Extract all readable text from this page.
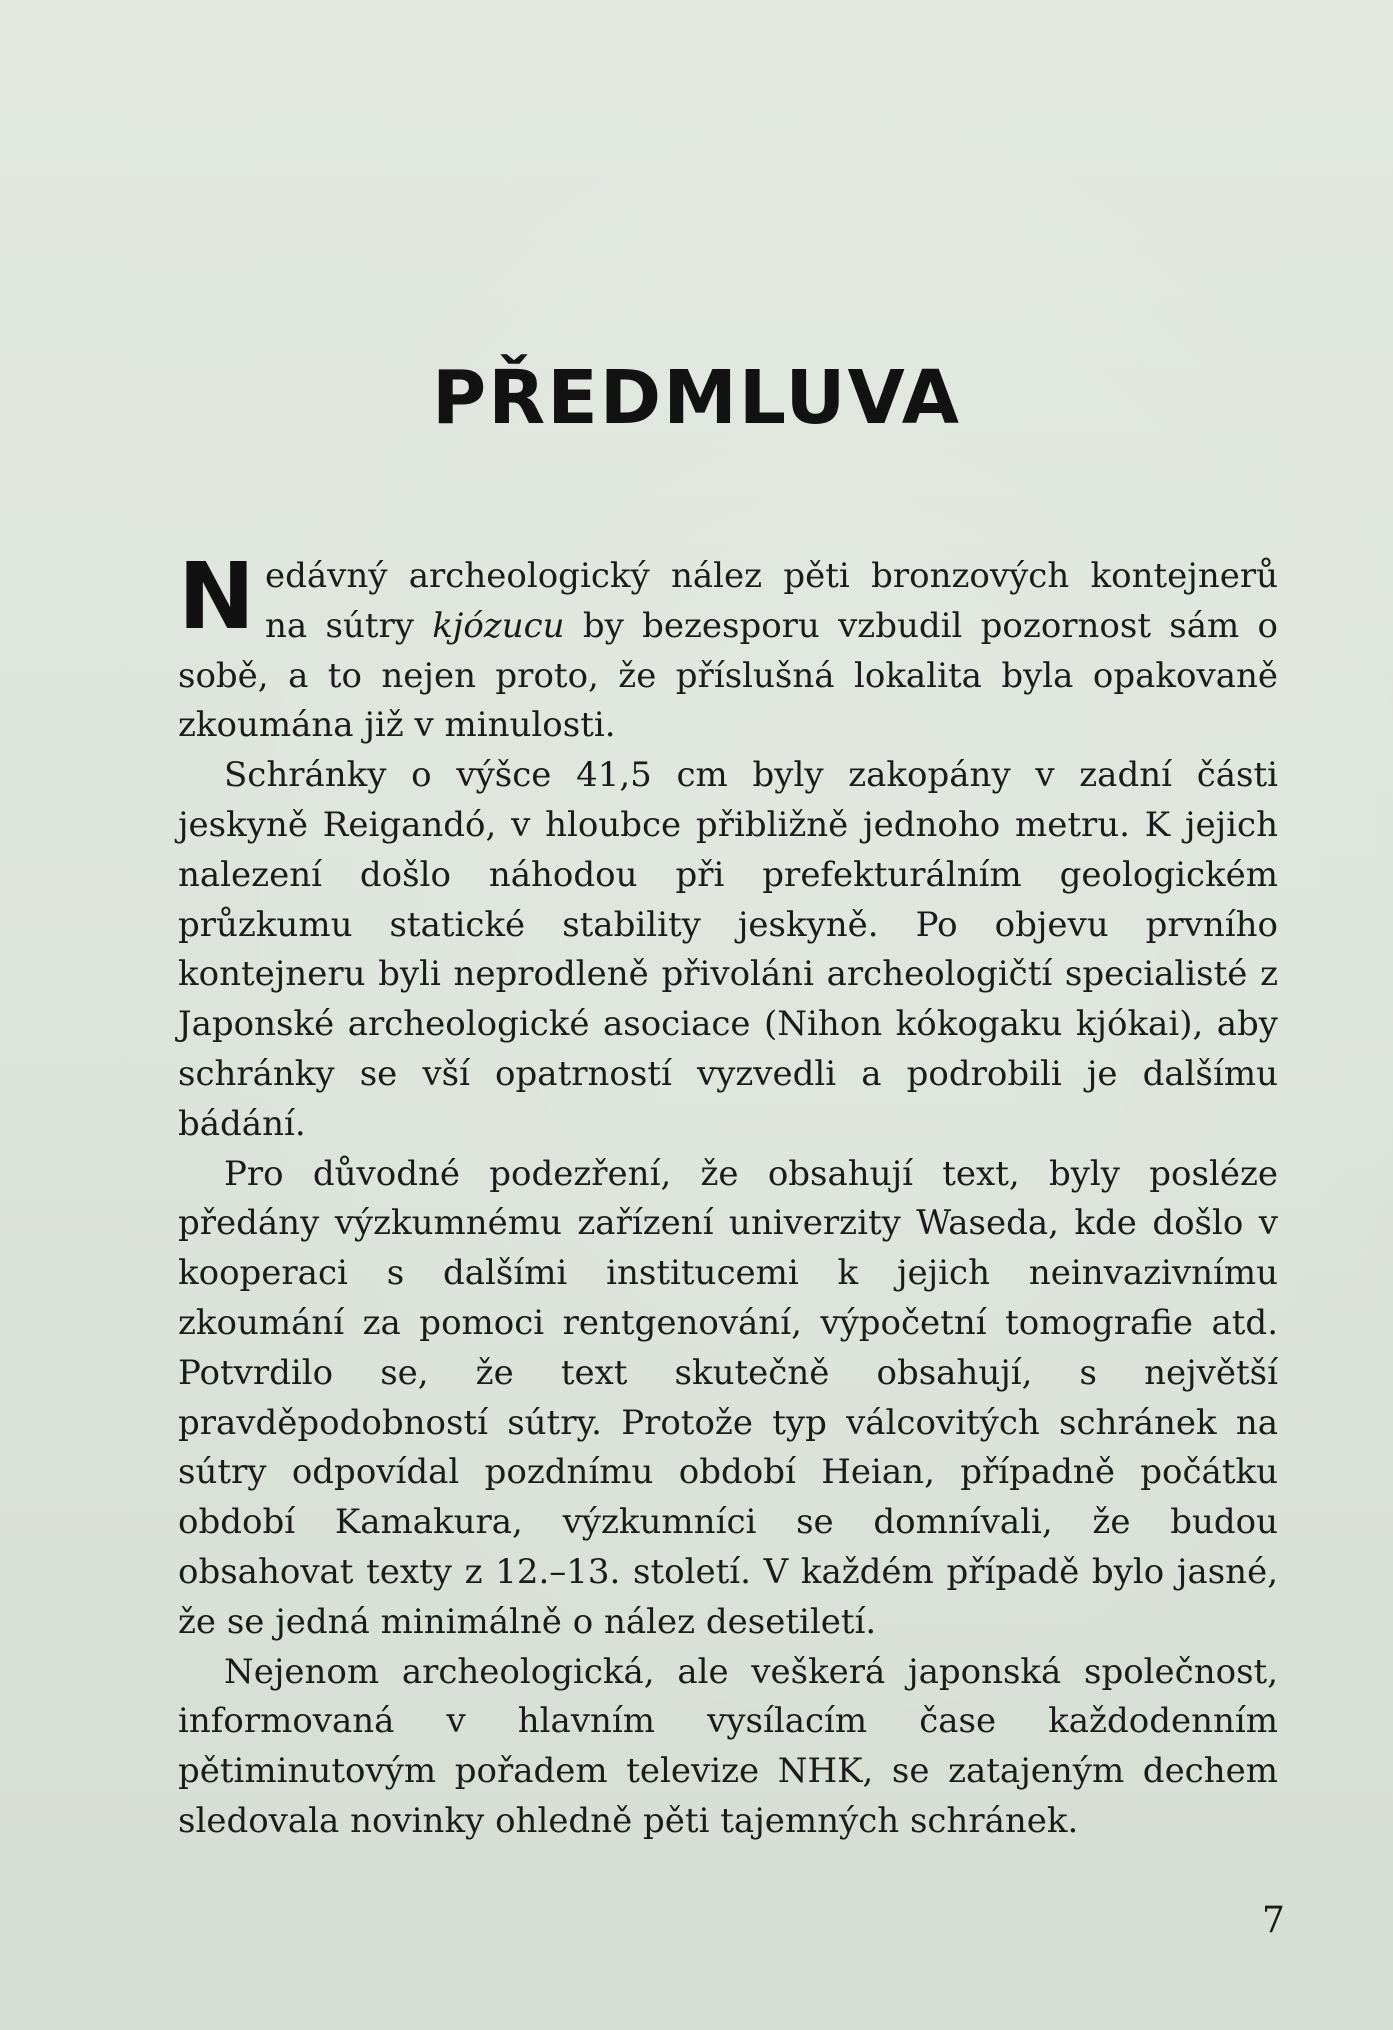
PŘEDMLUVA

Nedávný archeologický nález pěti bronzových kontejnerů na sútry kjózucu by bezesporu vzbudil pozornost sám o sobě, a to nejen proto, že příslušná lokalita byla opakovaně zkoumána již v minulosti.

Schránky o výšce 41,5 cm byly zakopány v zadní části jeskyně Reigandó, v hloubce přibližně jednoho metru. K jejich nalezení došlo náhodou při prefekturálním geologickém průzkumu statické stability jeskyně. Po objevu prvního kontejneru byli neprodleně přivoláni archeologičtí specialisté z Japonské archeologické asociace (Nihon kókogaku kjókai), aby schránky se vší opatrností vyzvedli a podrobili je dalšímu bádání.

Pro důvodné podezření, že obsahují text, byly posléze předány výzkumnému zařízení univerzity Waseda, kde došlo v kooperaci s dalšími institucemi k jejich neinvazivnímu zkoumání za pomoci rentgenování, výpočetní tomografie atd. Potvrdilo se, že text skutečně obsahují, s největší pravděpodobností sútry. Protože typ válcovitých schránek na sútry odpovídal pozdnímu období Heian, případně počátku období Kamakura, výzkumníci se domnívali, že budou obsahovat texty z 12.–13. století. V každém případě bylo jasné, že se jedná minimálně o nález desetiletí.

Nejenom archeologická, ale veškerá japonská společnost, informovaná v hlavním vysílacím čase každodenním pětiminutovým pořadem televize NHK, se zatajeným dechem sledovala novinky ohledně pěti tajemných schránek.

7
